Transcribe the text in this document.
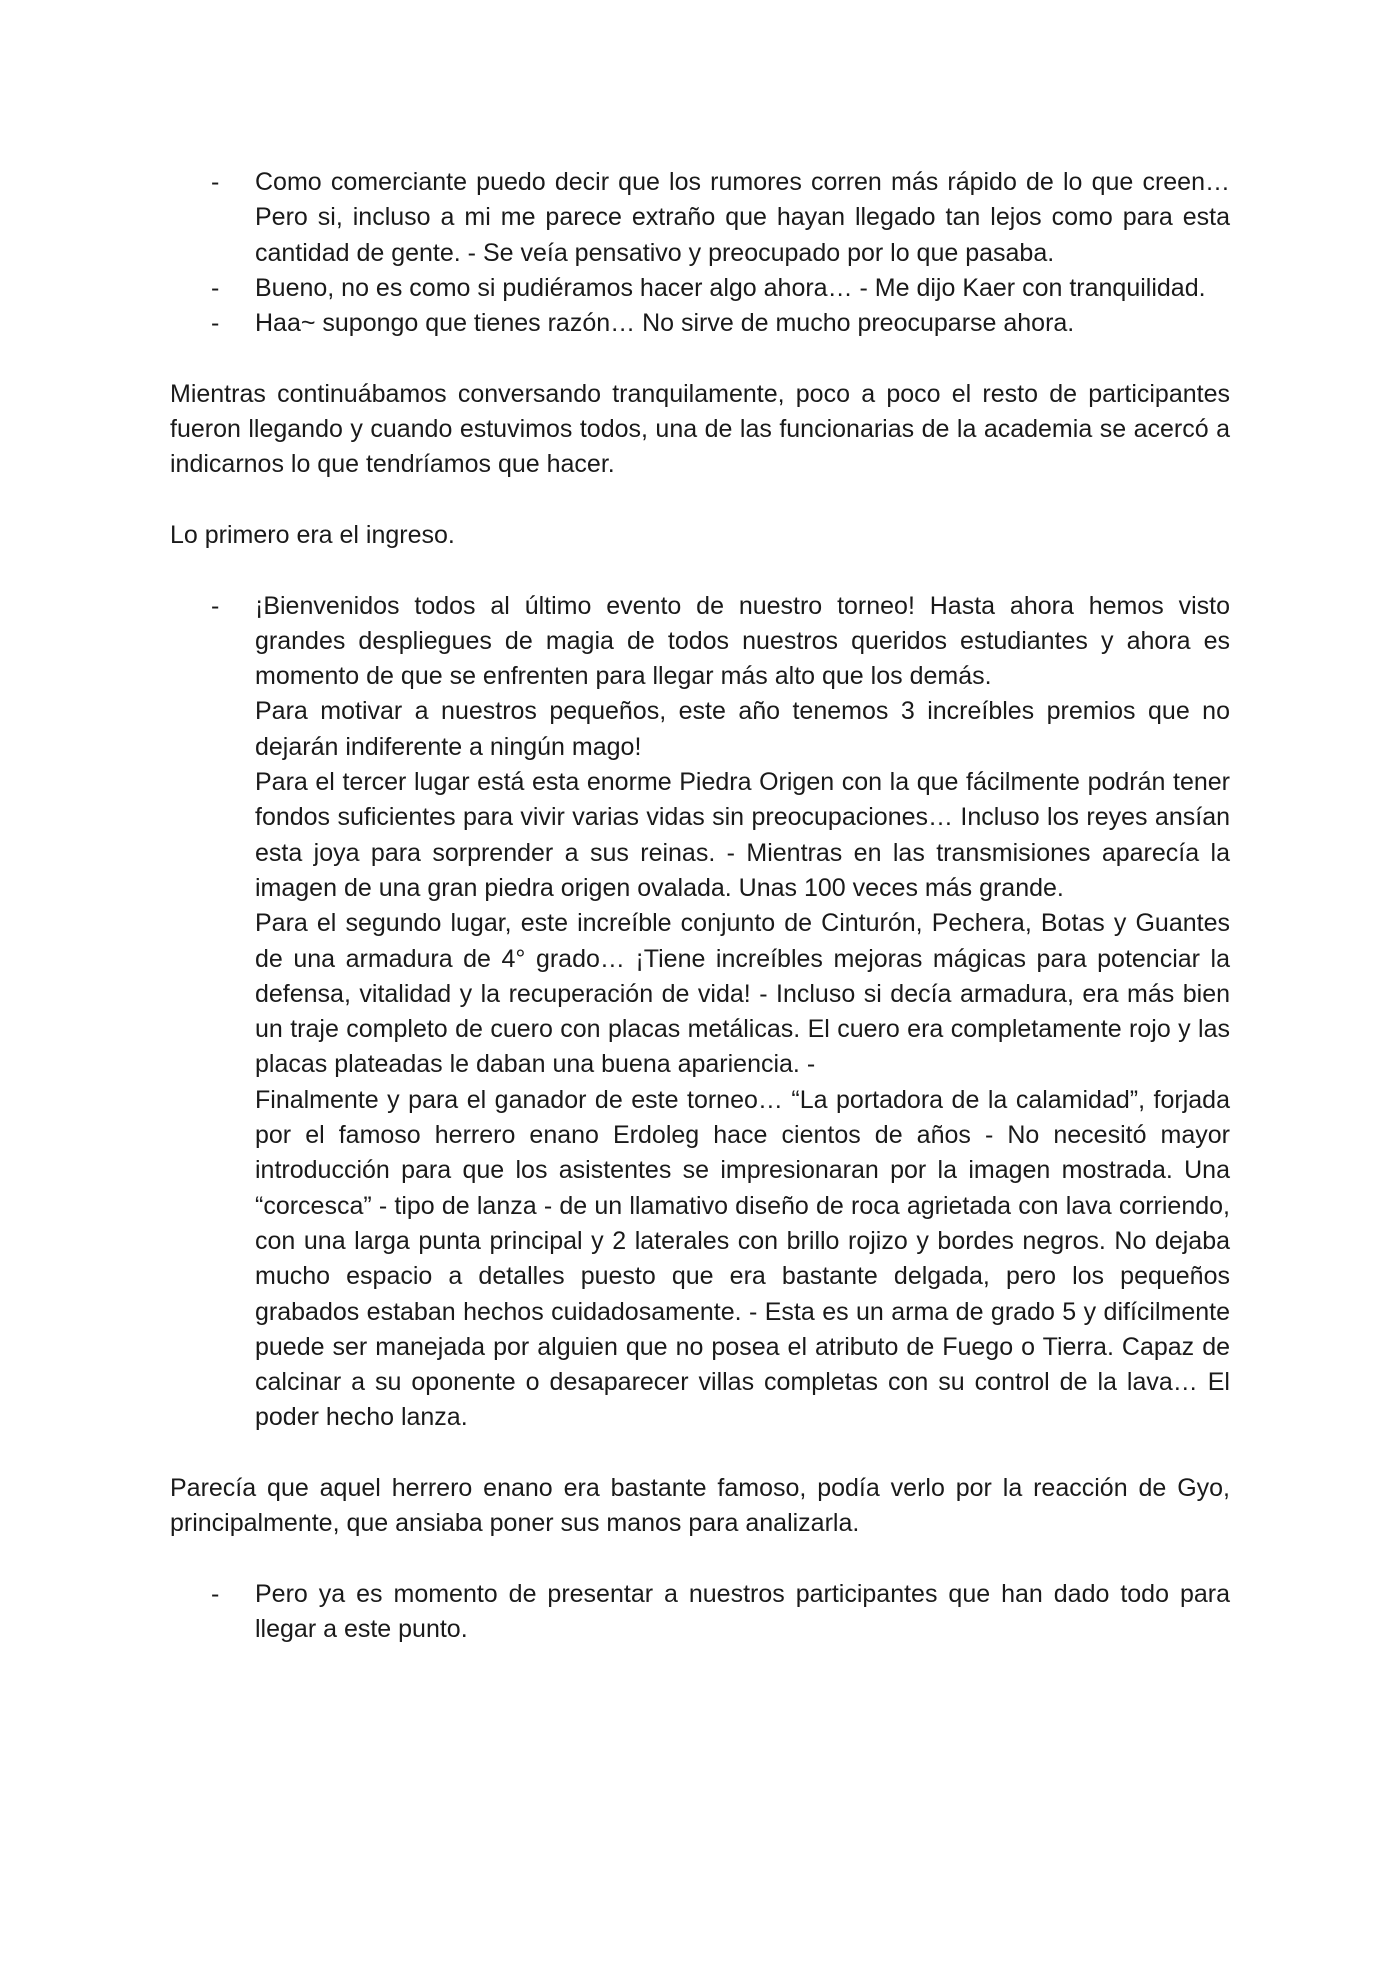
- Como comerciante puedo decir que los rumores corren más rápido de lo que creen… Pero si, incluso a mi me parece extraño que hayan llegado tan lejos como para esta cantidad de gente. - Se veía pensativo y preocupado por lo que pasaba.
- Bueno, no es como si pudiéramos hacer algo ahora… - Me dijo Kaer con tranquilidad.
- Haa~ supongo que tienes razón… No sirve de mucho preocuparse ahora.

Mientras continuábamos conversando tranquilamente, poco a poco el resto de participantes fueron llegando y cuando estuvimos todos, una de las funcionarias de la academia se acercó a indicarnos lo que tendríamos que hacer.

Lo primero era el ingreso.

- ¡Bienvenidos todos al último evento de nuestro torneo! Hasta ahora hemos visto grandes despliegues de magia de todos nuestros queridos estudiantes y ahora es momento de que se enfrenten para llegar más alto que los demás.
Para motivar a nuestros pequeños, este año tenemos 3 increíbles premios que no dejarán indiferente a ningún mago!
Para el tercer lugar está esta enorme Piedra Origen con la que fácilmente podrán tener fondos suficientes para vivir varias vidas sin preocupaciones… Incluso los reyes ansían esta joya para sorprender a sus reinas. - Mientras en las transmisiones aparecía la imagen de una gran piedra origen ovalada. Unas 100 veces más grande.
Para el segundo lugar, este increíble conjunto de Cinturón, Pechera, Botas y Guantes de una armadura de 4° grado… ¡Tiene increíbles mejoras mágicas para potenciar la defensa, vitalidad y la recuperación de vida! - Incluso si decía armadura, era más bien un traje completo de cuero con placas metálicas. El cuero era completamente rojo y las placas plateadas le daban una buena apariencia. -
Finalmente y para el ganador de este torneo… “La portadora de la calamidad”, forjada por el famoso herrero enano Erdoleg hace cientos de años - No necesitó mayor introducción para que los asistentes se impresionaran por la imagen mostrada. Una “corcesca” - tipo de lanza - de un llamativo diseño de roca agrietada con lava corriendo, con una larga punta principal y 2 laterales con brillo rojizo y bordes negros. No dejaba mucho espacio a detalles puesto que era bastante delgada, pero los pequeños grabados estaban hechos cuidadosamente. - Esta es un arma de grado 5 y difícilmente puede ser manejada por alguien que no posea el atributo de Fuego o Tierra. Capaz de calcinar a su oponente o desaparecer villas completas con su control de la lava… El poder hecho lanza.

Parecía que aquel herrero enano era bastante famoso, podía verlo por la reacción de Gyo, principalmente, que ansiaba poner sus manos para analizarla.

- Pero ya es momento de presentar a nuestros participantes que han dado todo para llegar a este punto.
